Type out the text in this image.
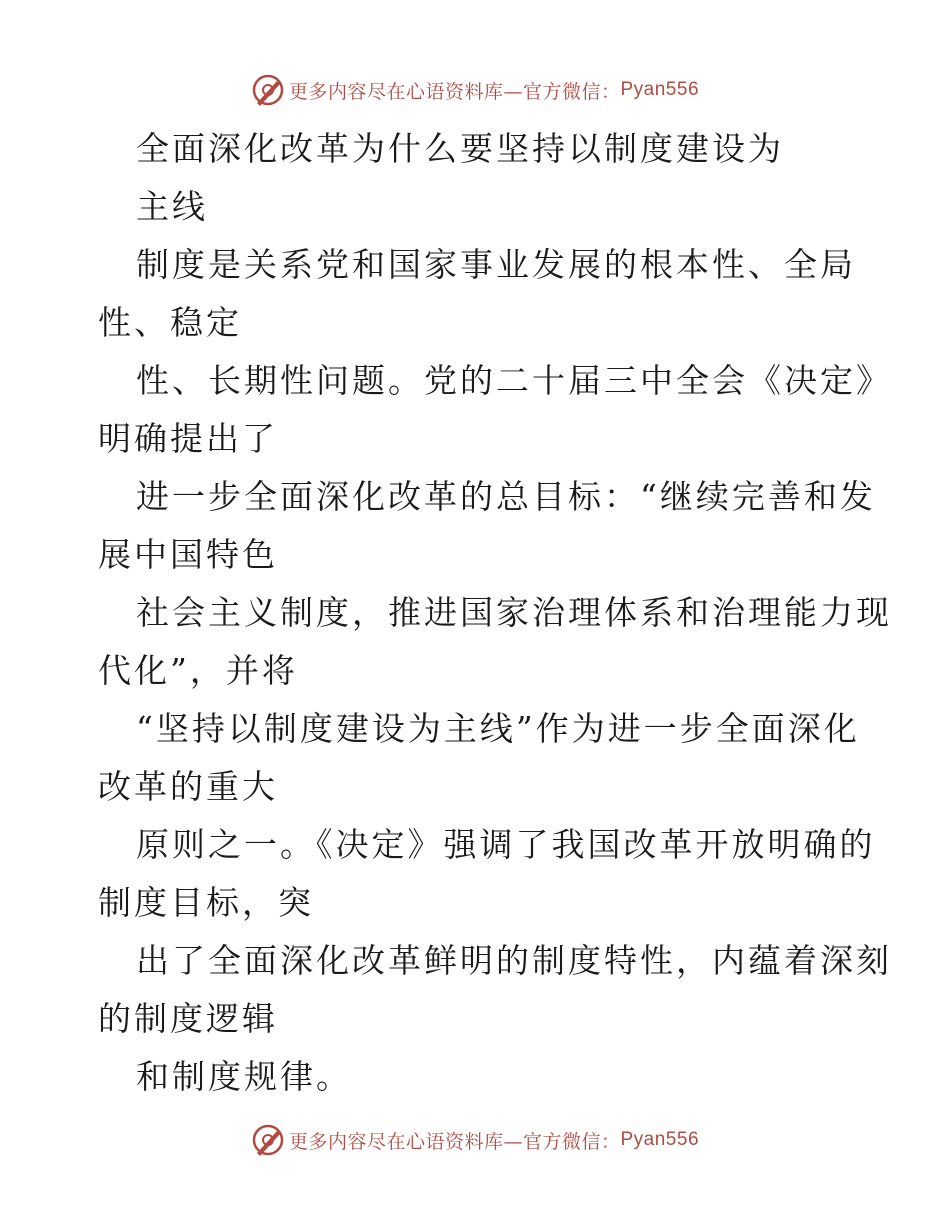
更多内容尽在心语资料库—官方微信： Pyan556
全面深化改革为什么要坚持以制度建设为
主线
制度是关系党和国家事业发展的根本性、全局
性、稳定
性、长期性问题。党的二十届三中全会《决定》
明确提出了
进一步全面深化改革的总目标：“继续完善和发
展中国特色
社会主义制度，推进国家治理体系和治理能力现
代化”，并将
“坚持以制度建设为主线”作为进一步全面深化
改革的重大
原则之一。《决定》强调了我国改革开放明确的
制度目标，突
出了全面深化改革鲜明的制度特性，内蕴着深刻
的制度逻辑
和制度规律。
更多内容尽在心语资料库—官方微信： Pyan556
